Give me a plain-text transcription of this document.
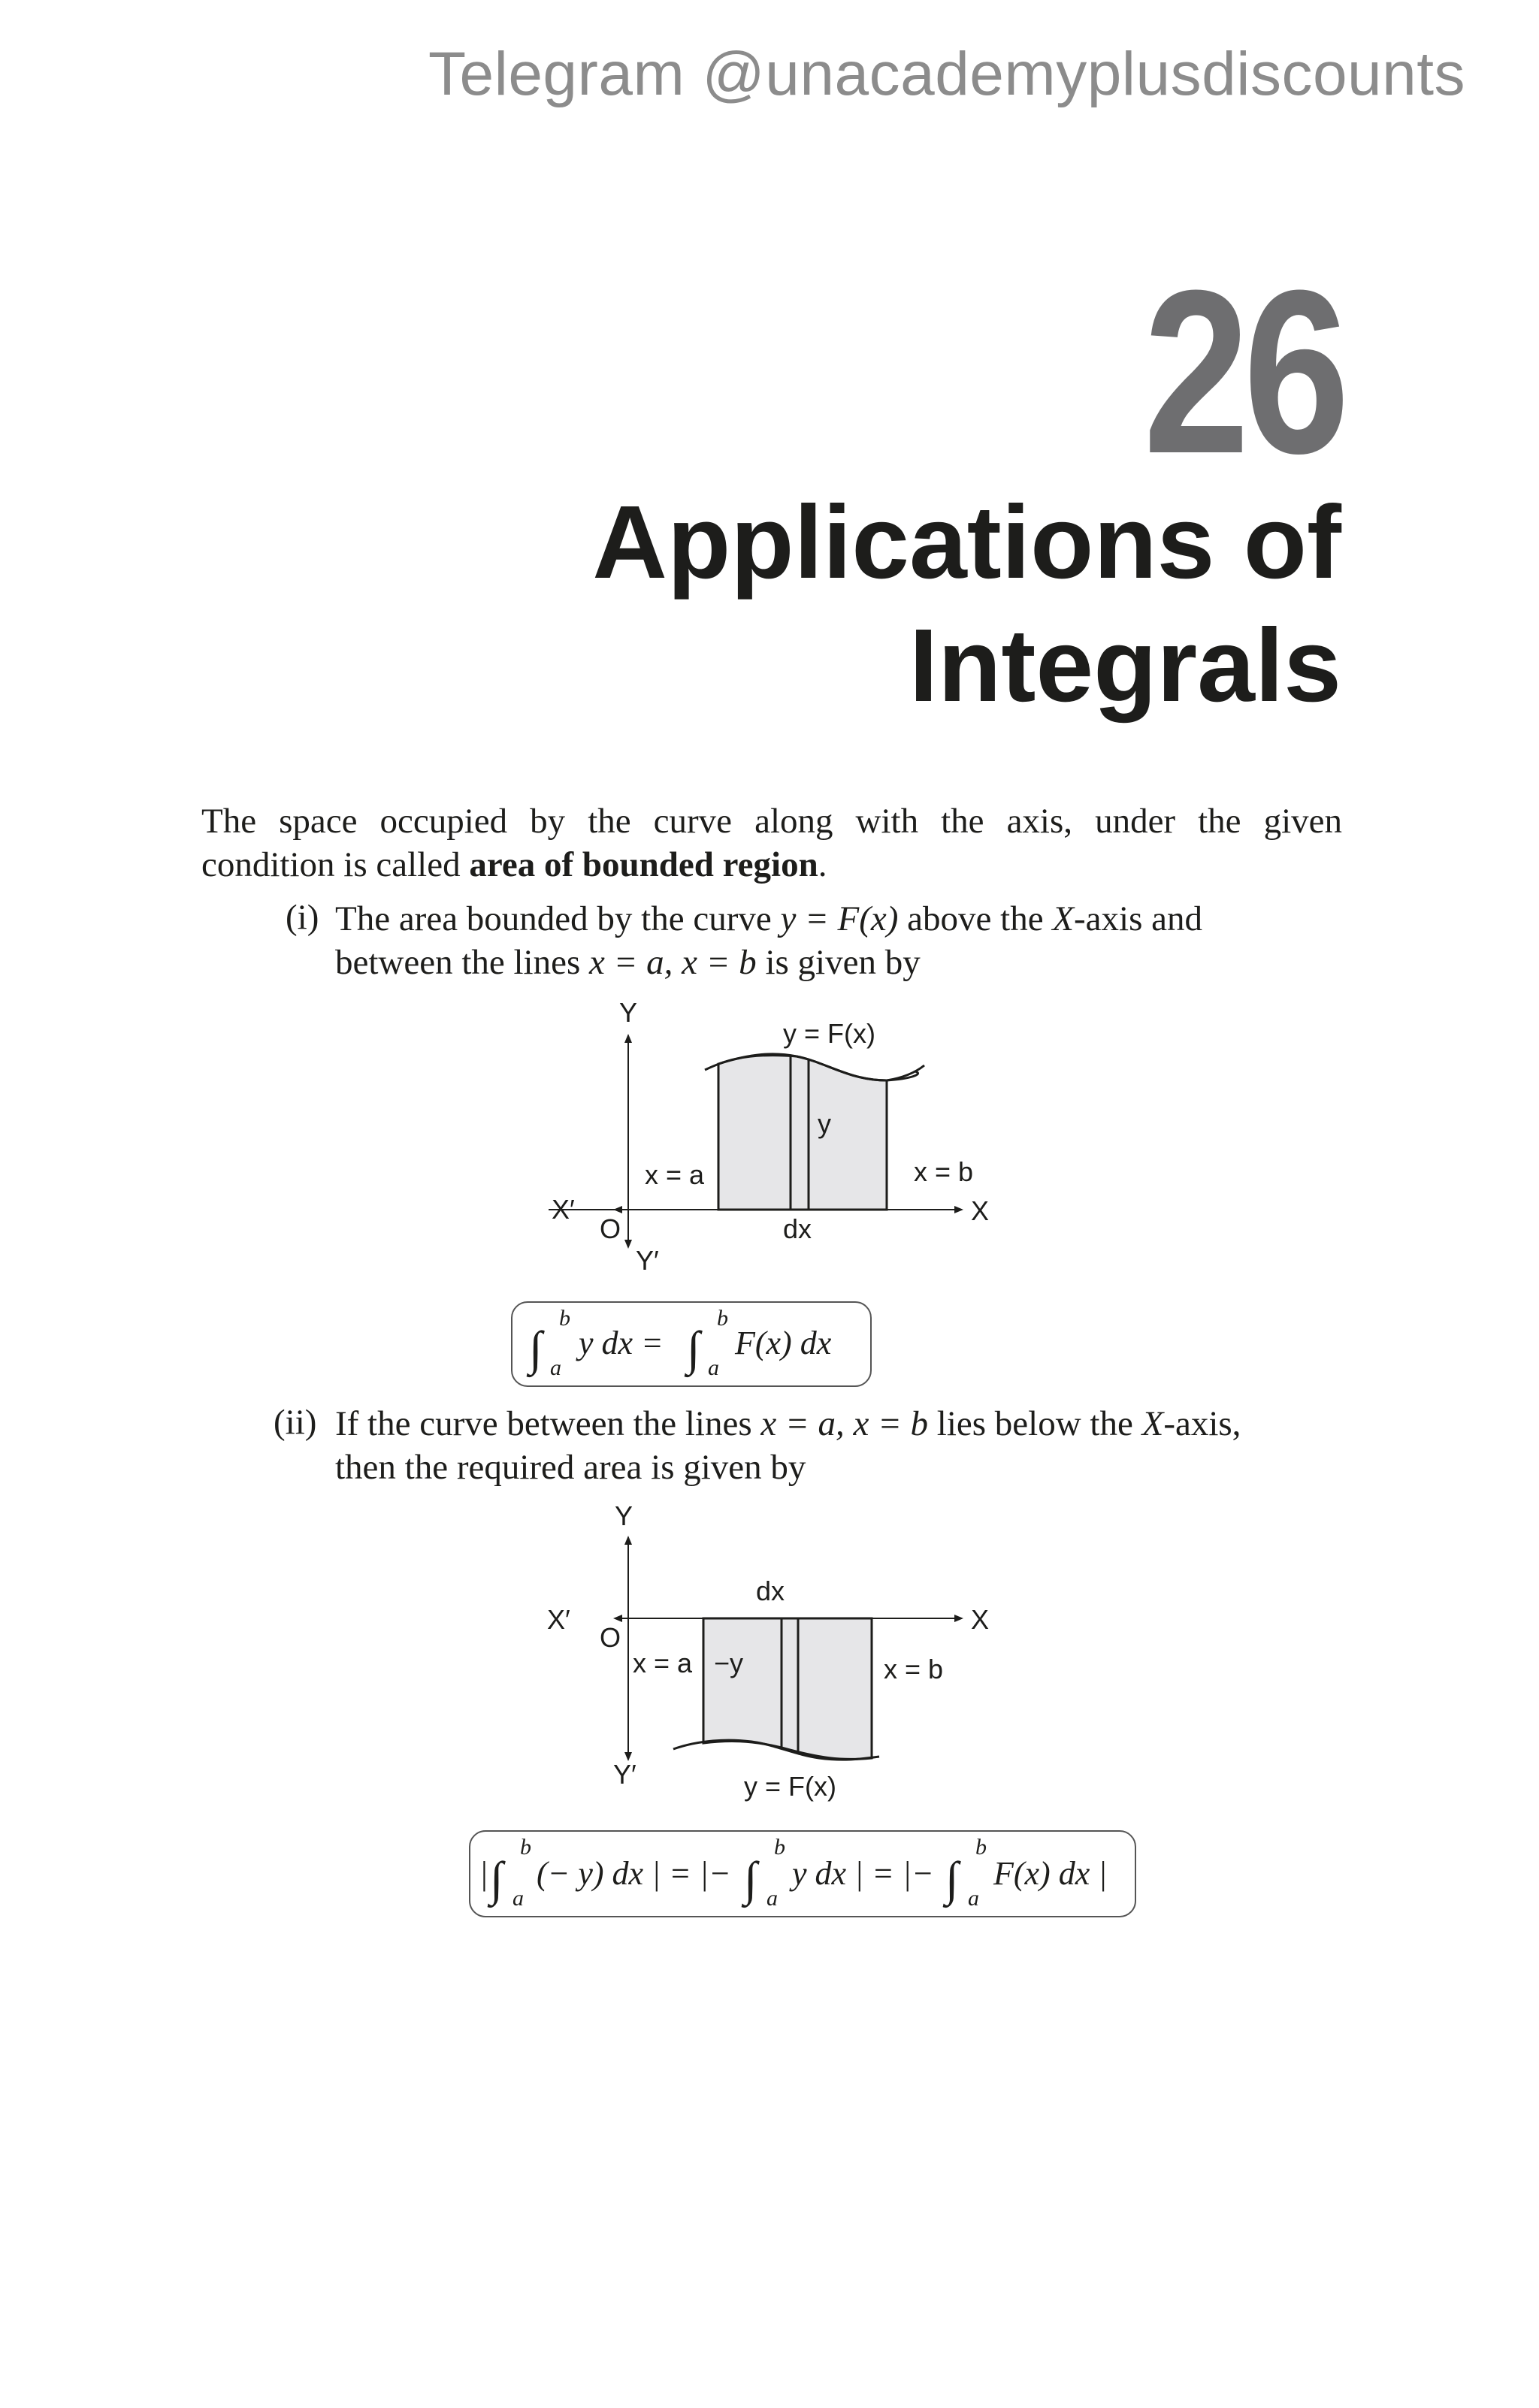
Telegram @unacademyplusdiscounts
26
Applications of
Integrals
The space occupied by the curve along with the axis, under the given
condition is called area of bounded region.
(i) The area bounded by the curve y = F(x) above the X-axis and
between the lines x = a, x = b is given by
Y
y = F(x)
y
x = a	x = b
X′	X
O	dx
Y′
∫
b
a
y dx = ∫
b
a
F(x) dx
(ii) If the curve between the lines x = a, x = b lies below the X-axis,
then the required area is given by
Y
dx
X′	X
O
x = a −y	x = b
Y′	y = F(x)
| ∫
b
a
(− y) dx | = |− ∫
b
a
y dx | = |− ∫
b
a
F(x) dx |
